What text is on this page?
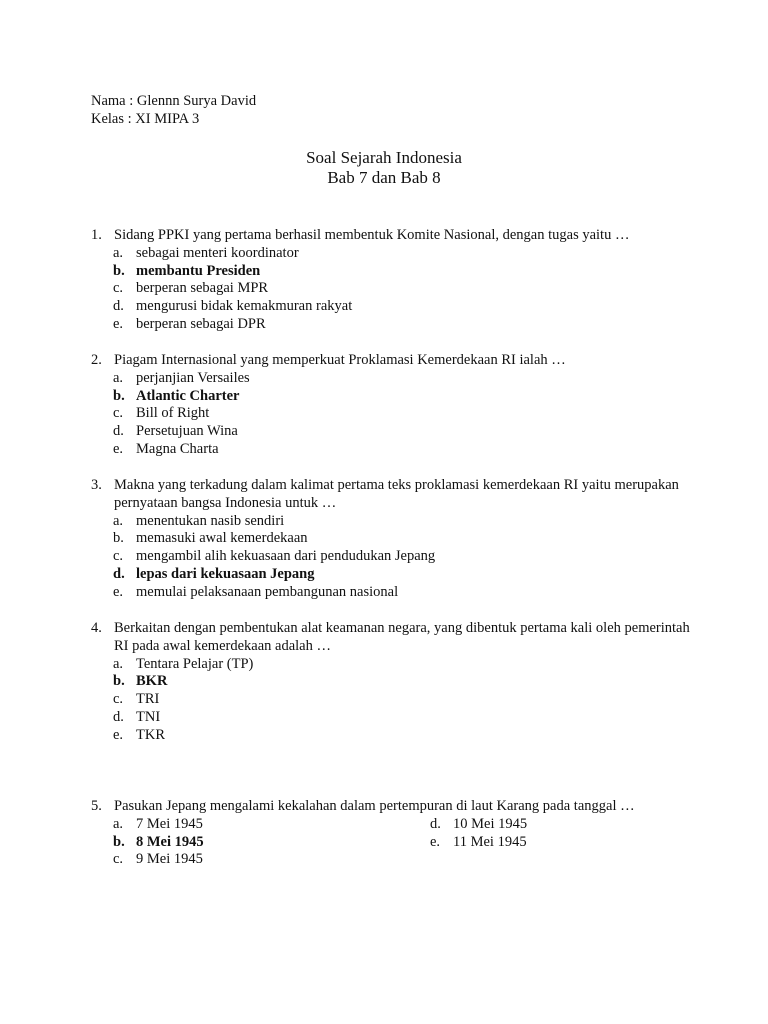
Nama : Glennn Surya David
Kelas : XI MIPA 3
Soal Sejarah Indonesia
Bab 7 dan Bab 8
1. Sidang PPKI yang pertama berhasil membentuk Komite Nasional, dengan tugas yaitu …
a. sebagai menteri koordinator
b. membantu Presiden
c. berperan sebagai MPR
d. mengurusi bidak kemakmuran rakyat
e. berperan sebagai DPR
2. Piagam Internasional yang memperkuat Proklamasi Kemerdekaan RI ialah …
a. perjanjian Versailes
b. Atlantic Charter
c. Bill of Right
d. Persetujuan Wina
e. Magna Charta
3. Makna yang terkadung dalam kalimat pertama teks proklamasi kemerdekaan RI yaitu merupakan pernyataan bangsa Indonesia untuk …
a. menentukan nasib sendiri
b. memasuki awal kemerdekaan
c. mengambil alih kekuasaan dari pendudukan Jepang
d. lepas dari kekuasaan Jepang
e. memulai pelaksanaan pembangunan nasional
4. Berkaitan dengan pembentukan alat keamanan negara, yang dibentuk pertama kali oleh pemerintah RI pada awal kemerdekaan adalah …
a. Tentara Pelajar (TP)
b. BKR
c. TRI
d. TNI
e. TKR
5. Pasukan Jepang mengalami kekalahan dalam pertempuran di laut Karang pada tanggal …
a. 7 Mei 1945
b. 8 Mei 1945
c. 9 Mei 1945
d. 10 Mei 1945
e. 11 Mei 1945
